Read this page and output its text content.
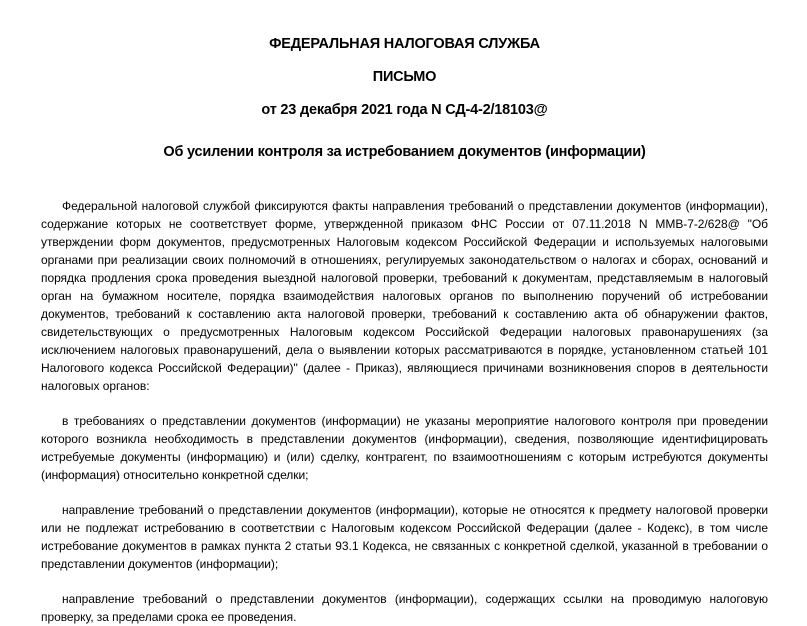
ФЕДЕРАЛЬНАЯ НАЛОГОВАЯ СЛУЖБА
ПИСЬМО
от 23 декабря 2021 года N СД-4-2/18103@
Об усилении контроля за истребованием документов (информации)

Федеральной налоговой службой фиксируются факты направления требований о представлении документов (информации), содержание которых не соответствует форме, утвержденной приказом ФНС России от 07.11.2018 N ММВ-7-2/628@ "Об утверждении форм документов, предусмотренных Налоговым кодексом Российской Федерации и используемых налоговыми органами при реализации своих полномочий в отношениях, регулируемых законодательством о налогах и сборах, оснований и порядка продления срока проведения выездной налоговой проверки, требований к документам, представляемым в налоговый орган на бумажном носителе, порядка взаимодействия налоговых органов по выполнению поручений об истребовании документов, требований к составлению акта налоговой проверки, требований к составлению акта об обнаружении фактов, свидетельствующих о предусмотренных Налоговым кодексом Российской Федерации налоговых правонарушениях (за исключением налоговых правонарушений, дела о выявлении которых рассматриваются в порядке, установленном статьей 101 Налогового кодекса Российской Федерации)" (далее - Приказ), являющиеся причинами возникновения споров в деятельности налоговых органов:

в требованиях о представлении документов (информации) не указаны мероприятие налогового контроля при проведении которого возникла необходимость в представлении документов (информации), сведения, позволяющие идентифицировать истребуемые документы (информацию) и (или) сделку, контрагент, по взаимоотношениям с которым истребуются документы (информация) относительно конкретной сделки;

направление требований о представлении документов (информации), которые не относятся к предмету налоговой проверки или не подлежат истребованию в соответствии с Налоговым кодексом Российской Федерации (далее - Кодекс), в том числе истребование документов в рамках пункта 2 статьи 93.1 Кодекса, не связанных с конкретной сделкой, указанной в требовании о представлении документов (информации);

направление требований о представлении документов (информации), содержащих ссылки на проводимую налоговую проверку, за пределами срока ее проведения.
